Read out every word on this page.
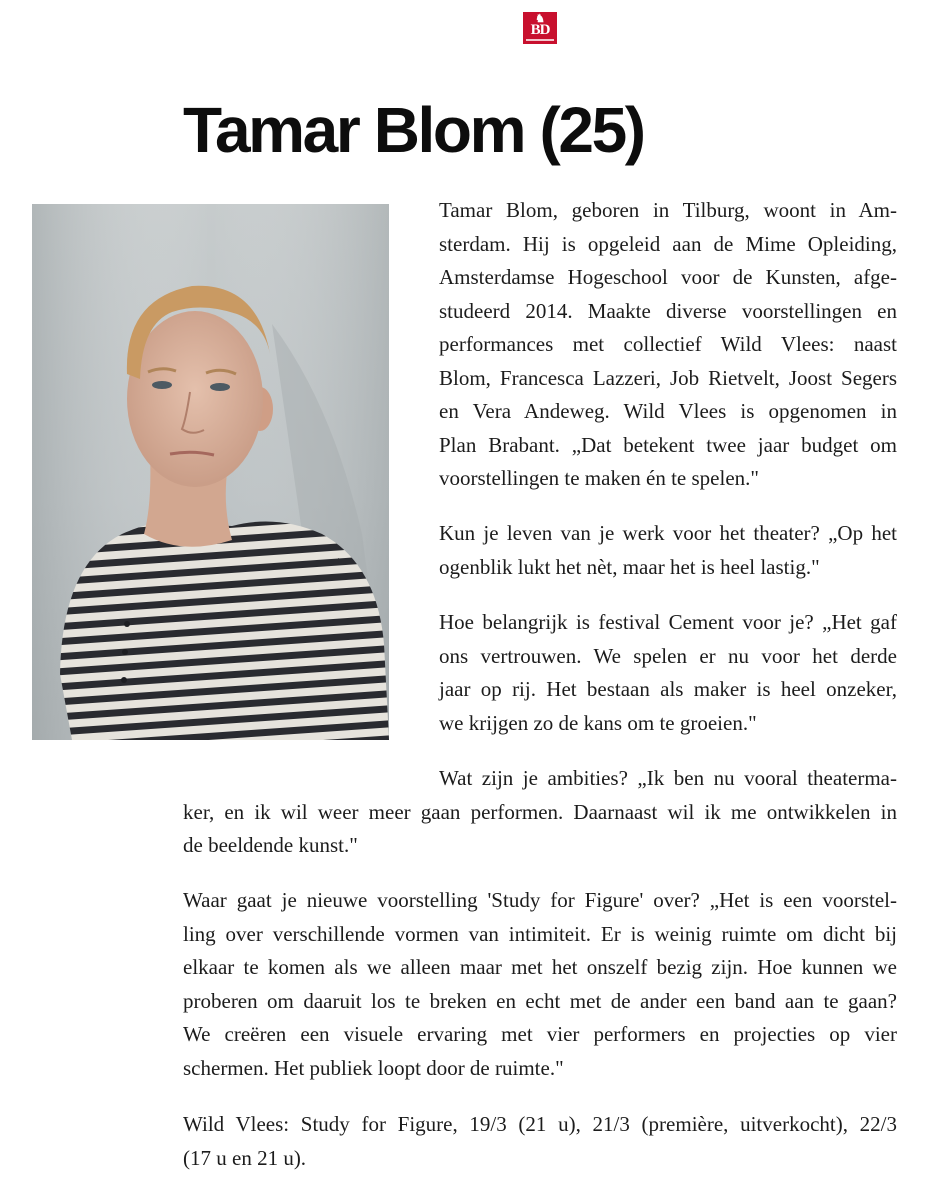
♞
BD
Tamar Blom (25)

Tamar Blom, geboren in Tilburg, woont in Am-
sterdam. Hij is opgeleid aan de Mime Opleiding,
Amsterdamse Hogeschool voor de Kunsten, afge-
studeerd 2014. Maakte diverse voorstellingen en
performances met collectief Wild Vlees: naast
Blom, Francesca Lazzeri, Job Rietvelt, Joost Segers
en Vera Andeweg. Wild Vlees is opgenomen in
Plan Brabant. „Dat betekent twee jaar budget om
voorstellingen te maken én te spelen."

Kun je leven van je werk voor het theater? „Op het
ogenblik lukt het nèt, maar het is heel lastig."

Hoe belangrijk is festival Cement voor je? „Het gaf
ons vertrouwen. We spelen er nu voor het derde
jaar op rij. Het bestaan als maker is heel onzeker,
we krijgen zo de kans om te groeien."

Wat zijn je ambities? „Ik ben nu vooral theaterma-
ker, en ik wil weer meer gaan performen. Daarnaast wil ik me ontwikkelen in
de beeldende kunst."

Waar gaat je nieuwe voorstelling 'Study for Figure' over? „Het is een voorstel-
ling over verschillende vormen van intimiteit. Er is weinig ruimte om dicht bij
elkaar te komen als we alleen maar met het onszelf bezig zijn. Hoe kunnen we
proberen om daaruit los te breken en echt met de ander een band aan te gaan?
We creëren een visuele ervaring met vier performers en projecties op vier
schermen. Het publiek loopt door de ruimte."

Wild Vlees: Study for Figure, 19/3 (21 u), 21/3 (première, uitverkocht), 22/3
(17 u en 21 u).
